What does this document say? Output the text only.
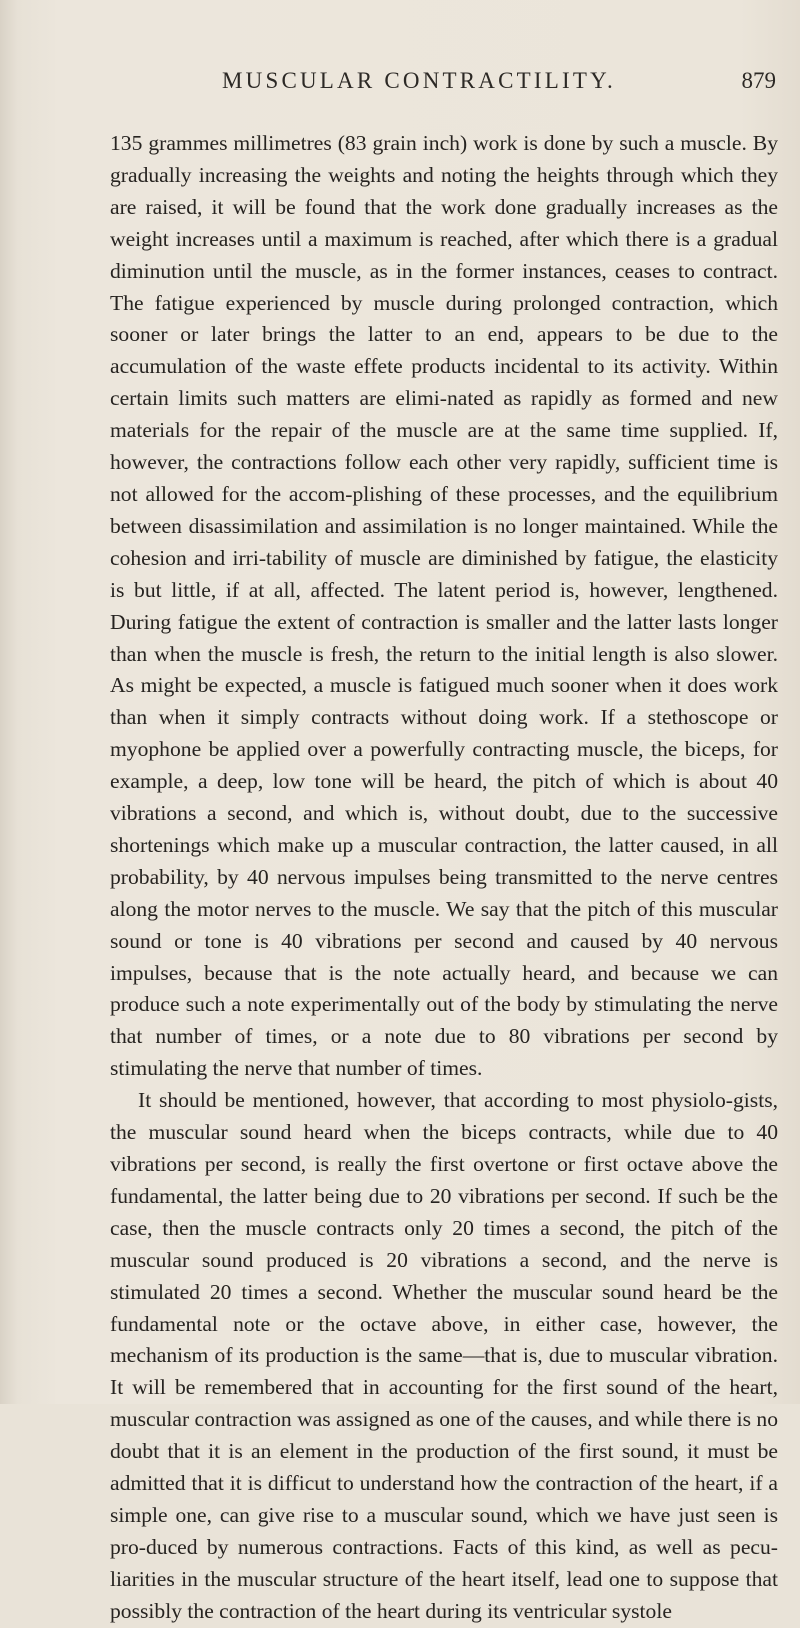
MUSCULAR CONTRACTILITY.	879

135 grammes millimetres (83 grain inch) work is done by such a muscle. By gradually increasing the weights and noting the heights through which they are raised, it will be found that the work done gradually increases as the weight increases until a maximum is reached, after which there is a gradual diminution until the muscle, as in the former instances, ceases to contract. The fatigue experienced by muscle during prolonged contraction, which sooner or later brings the latter to an end, appears to be due to the accumulation of the waste effete products incidental to its activity. Within certain limits such matters are elimi-nated as rapidly as formed and new materials for the repair of the muscle are at the same time supplied. If, however, the contractions follow each other very rapidly, sufficient time is not allowed for the accom-plishing of these processes, and the equilibrium between disassimilation and assimilation is no longer maintained. While the cohesion and irri-tability of muscle are diminished by fatigue, the elasticity is but little, if at all, affected. The latent period is, however, lengthened. During fatigue the extent of contraction is smaller and the latter lasts longer than when the muscle is fresh, the return to the initial length is also slower. As might be expected, a muscle is fatigued much sooner when it does work than when it simply contracts without doing work. If a stethoscope or myophone be applied over a powerfully contracting muscle, the biceps, for example, a deep, low tone will be heard, the pitch of which is about 40 vibrations a second, and which is, without doubt, due to the successive shortenings which make up a muscular contraction, the latter caused, in all probability, by 40 nervous impulses being transmitted to the nerve centres along the motor nerves to the muscle. We say that the pitch of this muscular sound or tone is 40 vibrations per second and caused by 40 nervous impulses, because that is the note actually heard, and because we can produce such a note experimentally out of the body by stimulating the nerve that number of times, or a note due to 80 vibrations per second by stimulating the nerve that number of times.

It should be mentioned, however, that according to most physiolo-gists, the muscular sound heard when the biceps contracts, while due to 40 vibrations per second, is really the first overtone or first octave above the fundamental, the latter being due to 20 vibrations per second. If such be the case, then the muscle contracts only 20 times a second, the pitch of the muscular sound produced is 20 vibrations a second, and the nerve is stimulated 20 times a second. Whether the muscular sound heard be the fundamental note or the octave above, in either case, however, the mechanism of its production is the same—that is, due to muscular vibration. It will be remembered that in accounting for the first sound of the heart, muscular contraction was assigned as one of the causes, and while there is no doubt that it is an element in the production of the first sound, it must be admitted that it is difficut to understand how the contraction of the heart, if a simple one, can give rise to a muscular sound, which we have just seen is pro-duced by numerous contractions. Facts of this kind, as well as pecu-liarities in the muscular structure of the heart itself, lead one to suppose that possibly the contraction of the heart during its ventricular systole
